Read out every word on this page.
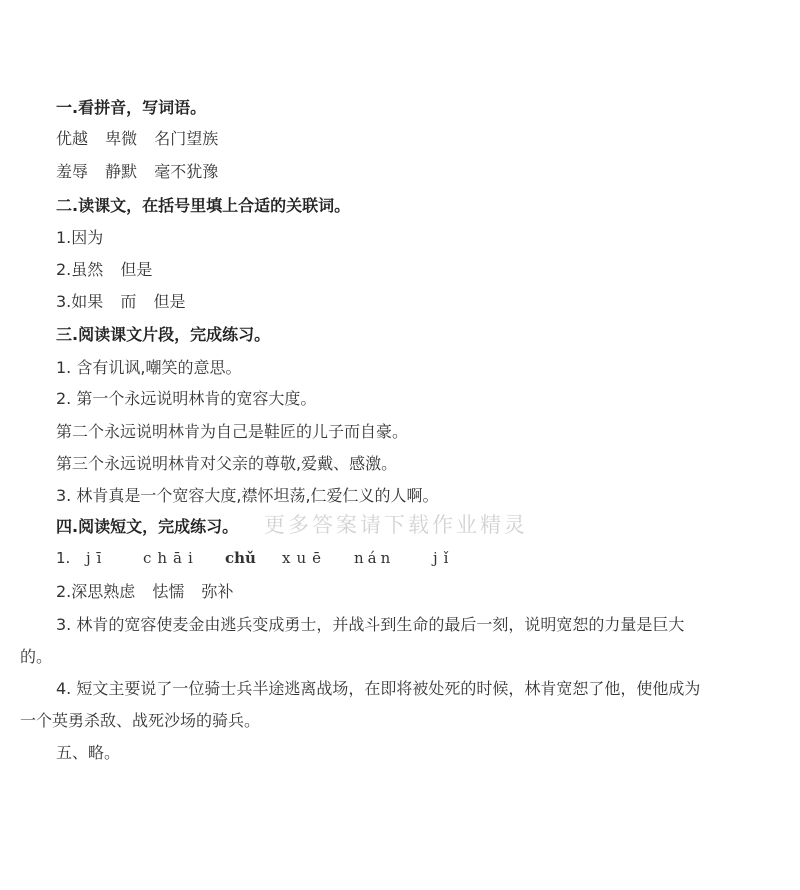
一.看拼音，写词语。
优越 卑微 名门望族
羞辱 静默 毫不犹豫
二.读课文，在括号里填上合适的关联词。
1.因为
2.虽然 但是
3.如果 而 但是
三.阅读课文片段，完成练习。
1. 含有讥讽,嘲笑的意思。
2. 第一个永远说明林肯的宽容大度。
第二个永远说明林肯为自己是鞋匠的儿子而自豪。
第三个永远说明林肯对父亲的尊敬,爱戴、感激。
3. 林肯真是一个宽容大度,襟怀坦荡,仁爱仁义的人啊。
四.阅读短文，完成练习。 更多答案请下载作业精灵
1. jī chāi chǔ xuē nán	jǐ
2.深思熟虑 怯懦 弥补
3. 林肯的宽容使麦金由逃兵变成勇士，并战斗到生命的最后一刻，说明宽恕的力量是巨大
的。
4. 短文主要说了一位骑士兵半途逃离战场，在即将被处死的时候，林肯宽恕了他，使他成为
一个英勇杀敌、战死沙场的骑兵。
五、略。
